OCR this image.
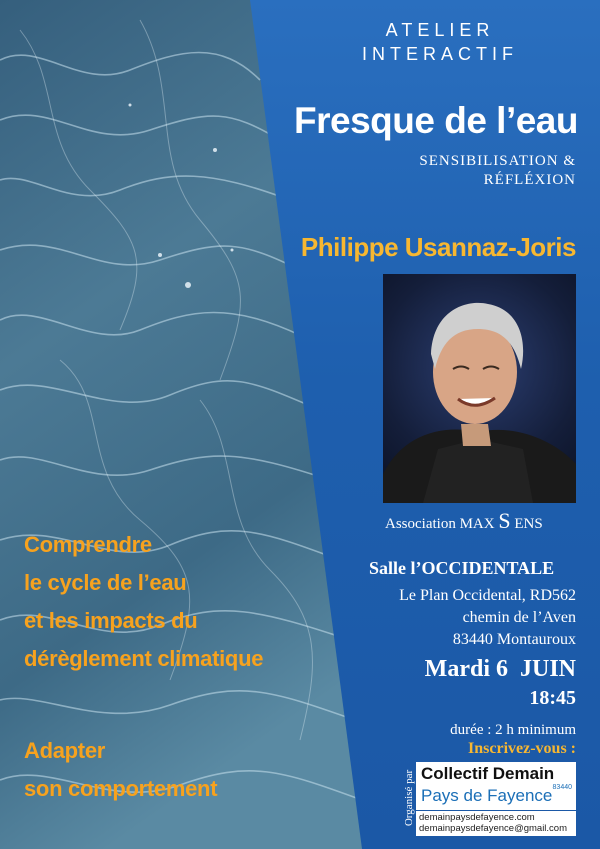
ATELIER
INTERACTIF
Fresque de l’eau
SENSIBILISATION &
RÉFLÉXION
Philippe Usannaz-Joris
Association MAX S ENS
Comprendre
le cycle de l’eau
et les impacts du
dérèglement climatique
Adapter
son comportement
Salle l’OCCIDENTALE
Le Plan Occidental, RD562
chemin de l’Aven
83440 Montauroux
Mardi 6  JUIN
18:45
durée : 2 h minimum
Inscrivez-vous :
Organisé par Collectif Demain
83440
Pays de Fayence
demainpaysdefayence.com
demainpaysdefayence@gmail.com
